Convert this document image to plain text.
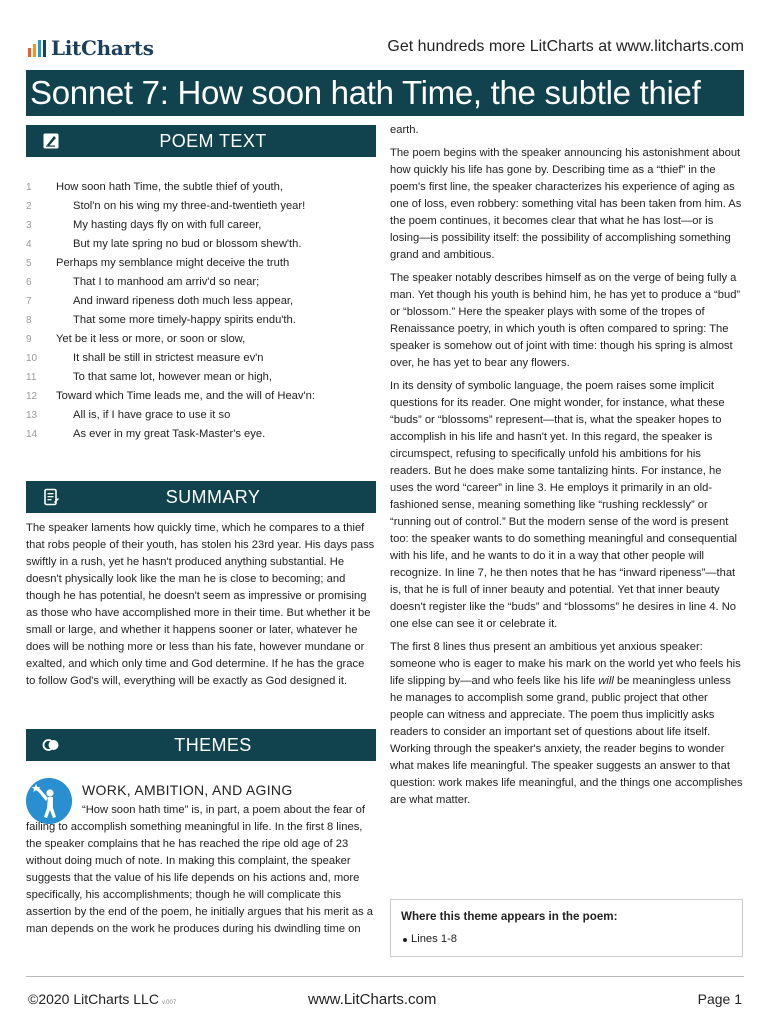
LitCharts	Get hundreds more LitCharts at www.litcharts.com
Sonnet 7: How soon hath Time, the subtle thief
POEM TEXT
1	How soon hath Time, the subtle thief of youth,
2	Stol'n on his wing my three-and-twentieth year!
3	My hasting days fly on with full career,
4	But my late spring no bud or blossom shew'th.
5	Perhaps my semblance might deceive the truth
6	That I to manhood am arriv'd so near;
7	And inward ripeness doth much less appear,
8	That some more timely-happy spirits endu'th.
9	Yet be it less or more, or soon or slow,
10	It shall be still in strictest measure ev'n
11	To that same lot, however mean or high,
12	Toward which Time leads me, and the will of Heav'n:
13	All is, if I have grace to use it so
14	As ever in my great Task-Master's eye.
SUMMARY
The speaker laments how quickly time, which he compares to a thief that robs people of their youth, has stolen his 23rd year. His days pass swiftly in a rush, yet he hasn't produced anything substantial. He doesn't physically look like the man he is close to becoming; and though he has potential, he doesn't seem as impressive or promising as those who have accomplished more in their time. But whether it be small or large, and whether it happens sooner or later, whatever he does will be nothing more or less than his fate, however mundane or exalted, and which only time and God determine. If he has the grace to follow God's will, everything will be exactly as God designed it.
THEMES
WORK, AMBITION, AND AGING
“How soon hath time” is, in part, a poem about the fear of failing to accomplish something meaningful in life. In the first 8 lines, the speaker complains that he has reached the ripe old age of 23 without doing much of note. In making this complaint, the speaker suggests that the value of his life depends on his actions and, more specifically, his accomplishments; though he will complicate this assertion by the end of the poem, he initially argues that his merit as a man depends on the work he produces during his dwindling time on

earth.

The poem begins with the speaker announcing his astonishment about how quickly his life has gone by. Describing time as a “thief” in the poem's first line, the speaker characterizes his experience of aging as one of loss, even robbery: something vital has been taken from him. As the poem continues, it becomes clear that what he has lost—or is losing—is possibility itself: the possibility of accomplishing something grand and ambitious.

The speaker notably describes himself as on the verge of being fully a man. Yet though his youth is behind him, he has yet to produce a “bud” or “blossom.” Here the speaker plays with some of the tropes of Renaissance poetry, in which youth is often compared to spring: The speaker is somehow out of joint with time: though his spring is almost over, he has yet to bear any flowers.

In its density of symbolic language, the poem raises some implicit questions for its reader. One might wonder, for instance, what these “buds” or “blossoms” represent—that is, what the speaker hopes to accomplish in his life and hasn't yet. In this regard, the speaker is circumspect, refusing to specifically unfold his ambitions for his readers. But he does make some tantalizing hints. For instance, he uses the word “career” in line 3. He employs it primarily in an old-fashioned sense, meaning something like “rushing recklessly” or “running out of control.” But the modern sense of the word is present too: the speaker wants to do something meaningful and consequential with his life, and he wants to do it in a way that other people will recognize. In line 7, he then notes that he has “inward ripeness”—that is, that he is full of inner beauty and potential. Yet that inner beauty doesn't register like the “buds” and “blossoms” he desires in line 4. No one else can see it or celebrate it.

The first 8 lines thus present an ambitious yet anxious speaker: someone who is eager to make his mark on the world yet who feels his life slipping by—and who feels like his life will be meaningless unless he manages to accomplish some grand, public project that other people can witness and appreciate. The poem thus implicitly asks readers to consider an important set of questions about life itself. Working through the speaker's anxiety, the reader begins to wonder what makes life meaningful. The speaker suggests an answer to that question: work makes life meaningful, and the things one accomplishes are what matter.

Where this theme appears in the poem:
Lines 1-8
©2020 LitCharts LLC v.007	www.LitCharts.com	Page 1
